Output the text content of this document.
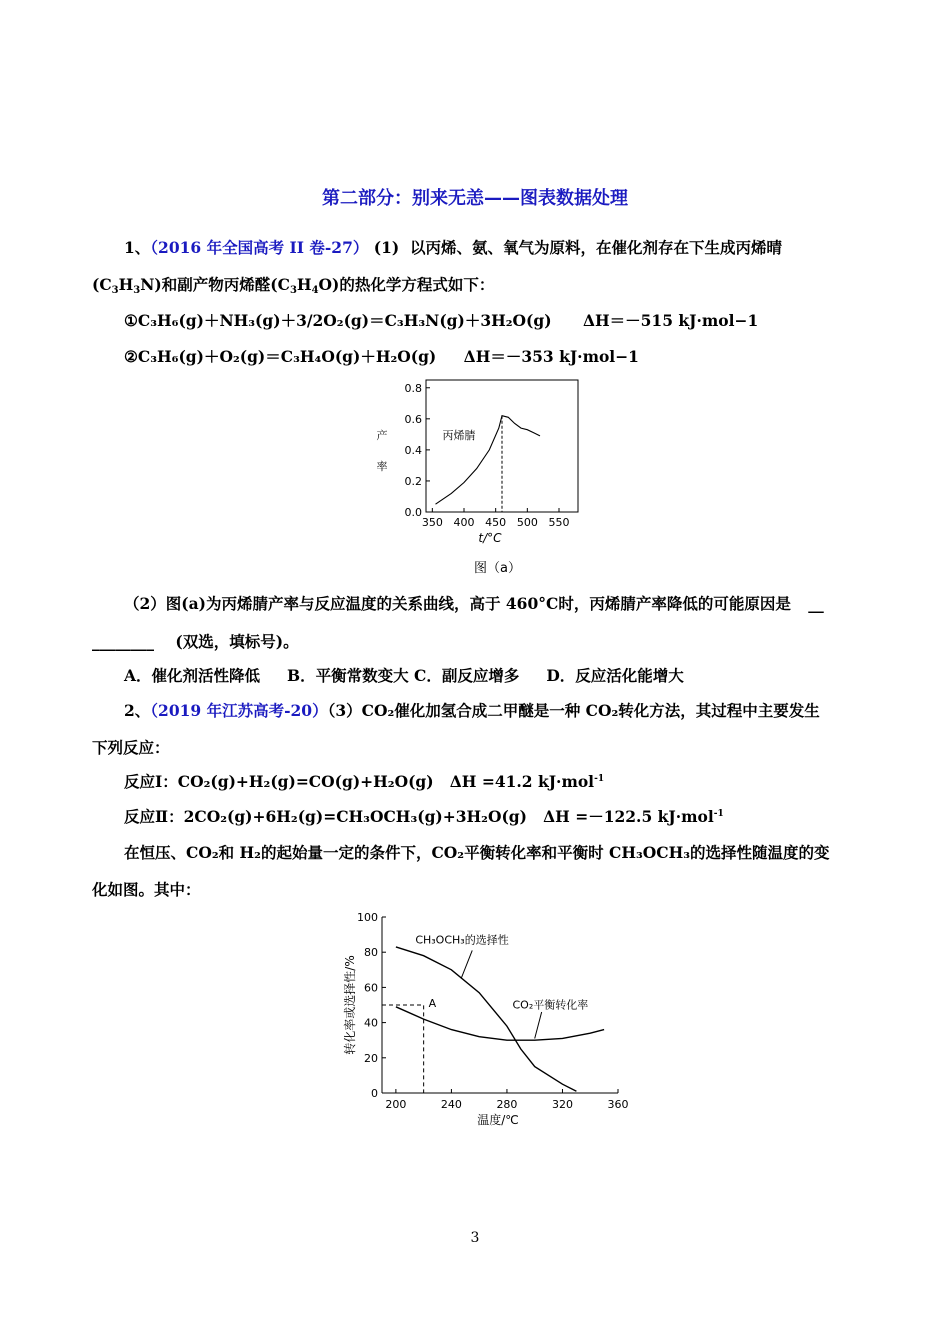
第二部分：别来无恙——图表数据处理
1、（2016 年全国高考 II 卷-27） (1) 以丙烯、氨、氧气为原料，在催化剂存在下生成丙烯晴
$(C_3H_3N)$和副产物丙烯醛$(C_3H_4O)$的热化学方程式如下：
①C₃H₆(g)＋NH₃(g)＋3/2O₂(g)＝C₃H₃N(g)＋3H₂O(g) ΔH＝－515 kJ·mol−1
②C₃H₆(g)＋O₂(g)＝C₃H₄O(g)＋H₂O(g) ΔH＝－353 kJ·mol−1
350 400 450 500 550
0.0
0.2
0.4
0.6
0.8
产
率
t/°C
丙烯腈
图（a）
（2）图(a)为丙烯腈产率与反应温度的关系曲线，高于 460°C时，丙烯腈产率降低的可能原因是 __
________ (双选，填标号)。
A．催化剂活性降低     B．平衡常数变大 C．副反应增多     D．反应活化能增大
2、（2019 年江苏高考-20）（3）CO₂催化加氢合成二甲醚是一种 CO₂转化方法，其过程中主要发生
下列反应：
反应Ⅰ：CO₂(g)+H₂(g)=CO(g)+H₂O(g)   ΔH =41.2 kJ·mol$^{-1}$
反应Ⅱ：2CO₂(g)+6H₂(g)=CH₃OCH₃(g)+3H₂O(g)   ΔH =－122.5 kJ·mol$^{-1}$
在恒压、CO₂和 H₂的起始量一定的条件下，CO₂平衡转化率和平衡时 CH₃OCH₃的选择性随温度的变
化如图。其中：
200	240	280	320	360
0
20
40
60
80
100
温度/℃
转化率或选择性/%	A
CH₃OCH₃的选择性
CO₂平衡转化率
3
